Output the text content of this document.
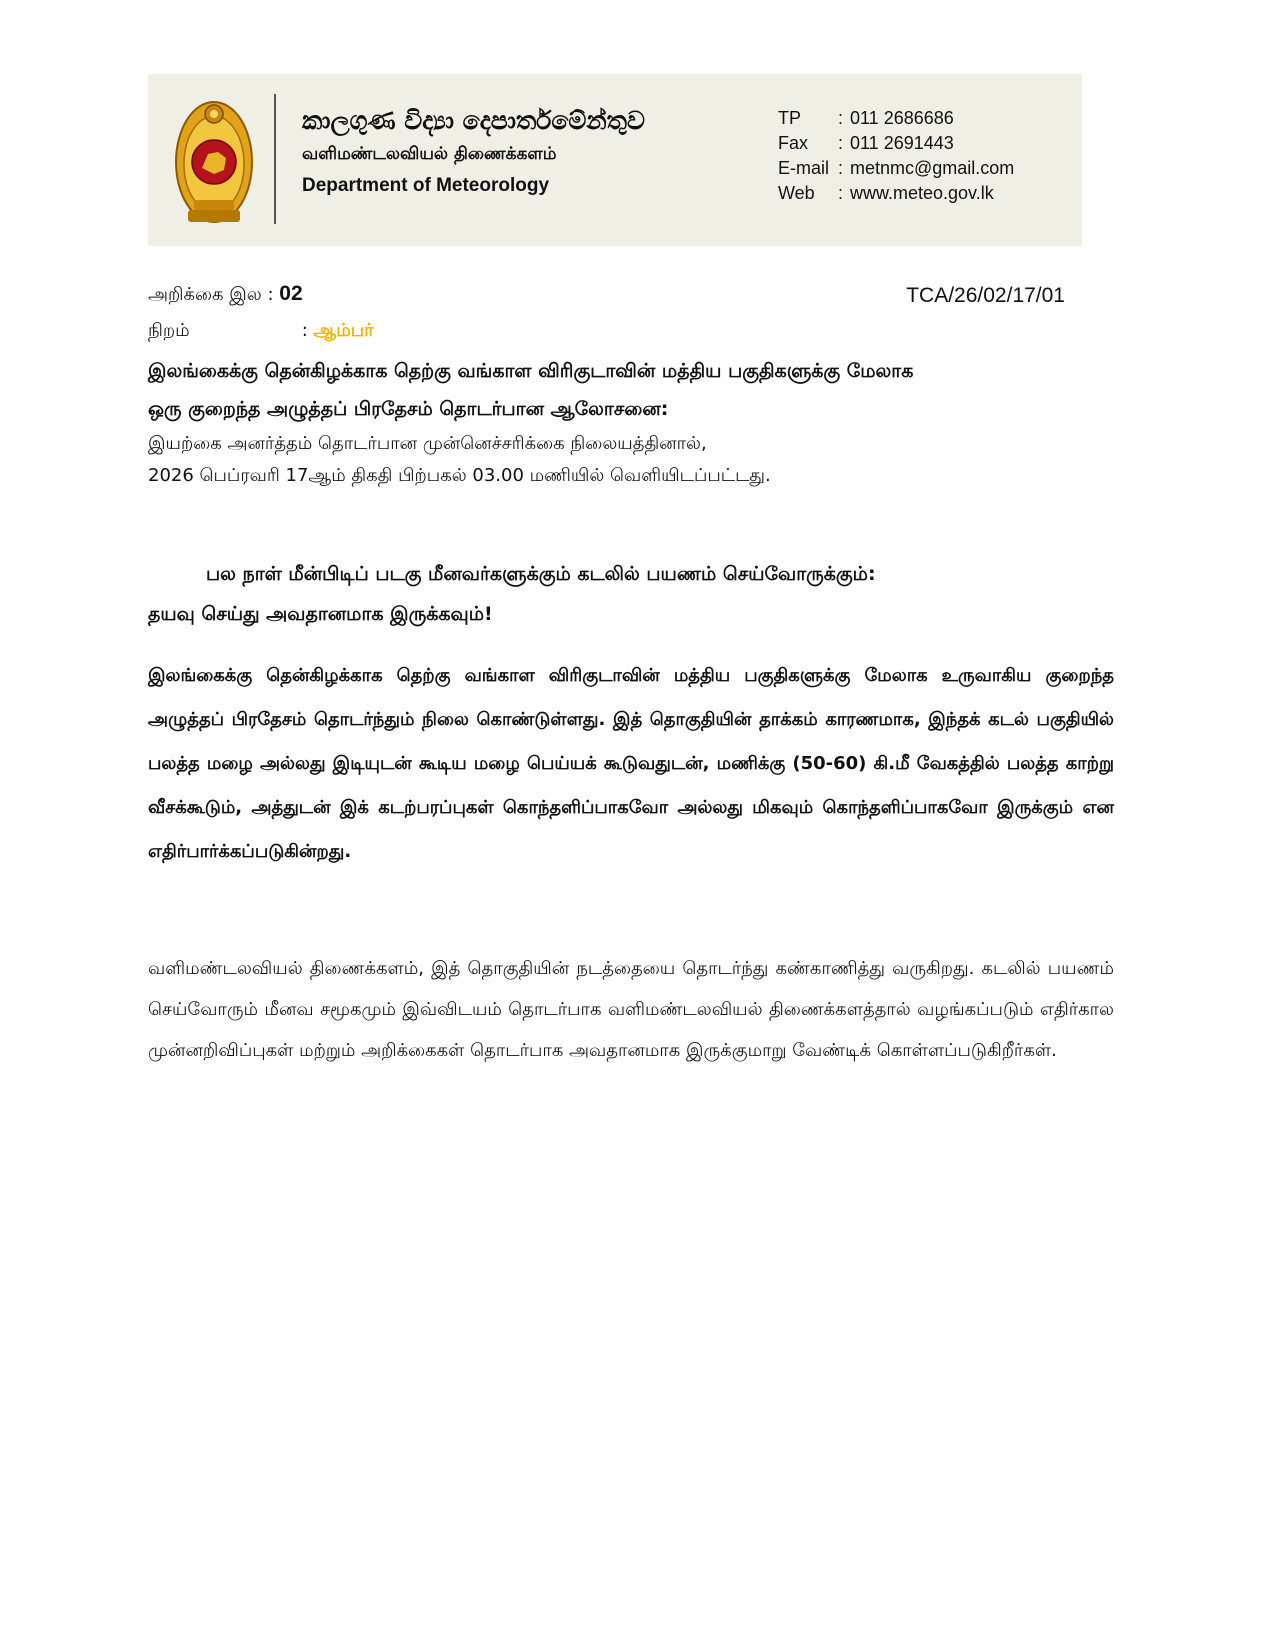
කාලගුණ විද්‍යා දෙපාර්තමේන්තුව
வளிமண்டலவியல் திணைக்களம்
Department of Meteorology
TP	: 011 2686686
Fax	: 011 2691443
E-mail : metnmc@gmail.com
Web	: www.meteo.gov.lk
அறிக்கை இல : 02	TCA/26/02/17/01
நிறம்	: ஆம்பர்
இலங்கைக்கு தென்கிழக்காக தெற்கு வங்காள விரிகுடாவின் மத்திய பகுதிகளுக்கு மேலாக
ஒரு குறைந்த அழுத்தப் பிரதேசம் தொடர்பான ஆலோசனை:
இயற்கை அனர்த்தம் தொடர்பான முன்னெச்சரிக்கை நிலையத்தினால்,
2026 பெப்ரவரி 17ஆம் திகதி பிற்பகல் 03.00 மணியில் வெளியிடப்பட்டது.
பல நாள் மீன்பிடிப் படகு மீனவர்களுக்கும் கடலில் பயணம் செய்வோருக்கும்:
தயவு செய்து அவதானமாக இருக்கவும்!
இலங்கைக்கு தென்கிழக்காக தெற்கு வங்காள விரிகுடாவின் மத்திய பகுதிகளுக்கு மேலாக உருவாகிய குறைந்த அழுத்தப் பிரதேசம் தொடர்ந்தும் நிலை கொண்டுள்ளது. இத் தொகுதியின் தாக்கம் காரணமாக, இந்தக் கடல் பகுதியில் பலத்த மழை அல்லது இடியுடன் கூடிய மழை பெய்யக் கூடுவதுடன், மணிக்கு (50-60) கி.மீ வேகத்தில் பலத்த காற்று வீசக்கூடும், அத்துடன் இக் கடற்பரப்புகள் கொந்தளிப்பாகவோ அல்லது மிகவும் கொந்தளிப்பாகவோ இருக்கும் என எதிர்பார்க்கப்படுகின்றது.
வளிமண்டலவியல் திணைக்களம், இத் தொகுதியின் நடத்தையை தொடர்ந்து கண்காணித்து வருகிறது. கடலில் பயணம் செய்வோரும் மீனவ சமூகமும் இவ்விடயம் தொடர்பாக வளிமண்டலவியல் திணைக்களத்தால் வழங்கப்படும் எதிர்கால முன்னறிவிப்புகள் மற்றும் அறிக்கைகள் தொடர்பாக அவதானமாக இருக்குமாறு வேண்டிக் கொள்ளப்படுகிறீர்கள்.
